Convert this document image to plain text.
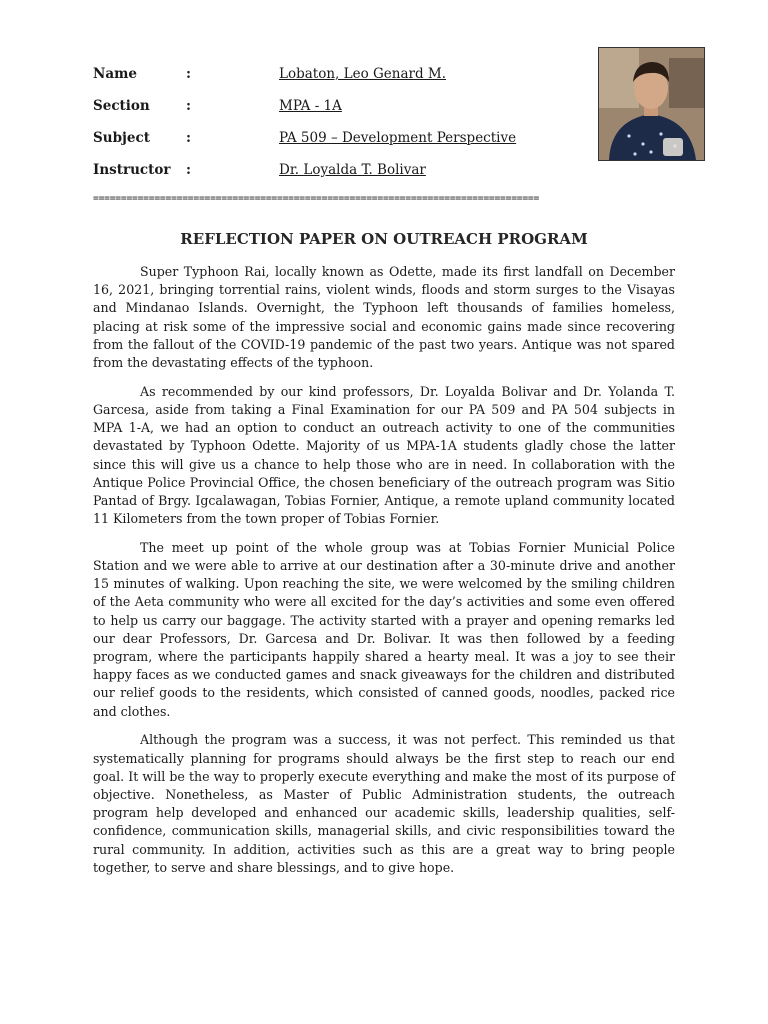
Name	:	Lobaton, Leo Genard M.
Section	:	MPA - 1A
Subject	:	PA 509 – Development Perspective
Instructor :	Dr. Loyalda T. Bolivar
================================================================================
REFLECTION PAPER ON OUTREACH PROGRAM

Super Typhoon Rai, locally known as Odette, made its first landfall on December 16, 2021, bringing torrential rains, violent winds, floods and storm surges to the Visayas and Mindanao Islands. Overnight, the Typhoon left thousands of families homeless, placing at risk some of the impressive social and economic gains made since recovering from the fallout of the COVID-19 pandemic of the past two years. Antique was not spared from the devastating effects of the typhoon.

As recommended by our kind professors, Dr. Loyalda Bolivar and Dr. Yolanda T. Garcesa, aside from taking a Final Examination for our PA 509 and PA 504 subjects in MPA 1-A, we had an option to conduct an outreach activity to one of the communities devastated by Typhoon Odette. Majority of us MPA-1A students gladly chose the latter since this will give us a chance to help those who are in need. In collaboration with the Antique Police Provincial Office, the chosen beneficiary of the outreach program was Sitio Pantad of Brgy. Igcalawagan, Tobias Fornier, Antique, a remote upland community located 11 Kilometers from the town proper of Tobias Fornier.

The meet up point of the whole group was at Tobias Fornier Municial Police Station and we were able to arrive at our destination after a 30-minute drive and another 15 minutes of walking. Upon reaching the site, we were welcomed by the smiling children of the Aeta community who were all excited for the day’s activities and some even offered to help us carry our baggage. The activity started with a prayer and opening remarks led our dear Professors, Dr. Garcesa and Dr. Bolivar. It was then followed by a feeding program, where the participants happily shared a hearty meal. It was a joy to see their happy faces as we conducted games and snack giveaways for the children and distributed our relief goods to the residents, which consisted of canned goods, noodles, packed rice and clothes.

Although the program was a success, it was not perfect. This reminded us that systematically planning for programs should always be the first step to reach our end goal. It will be the way to properly execute everything and make the most of its purpose of objective. Nonetheless, as Master of Public Administration students, the outreach program help developed and enhanced our academic skills, leadership qualities, self-confidence, communication skills, managerial skills, and civic responsibilities toward the rural community. In addition, activities such as this are a great way to bring people together, to serve and share blessings, and to give hope.
